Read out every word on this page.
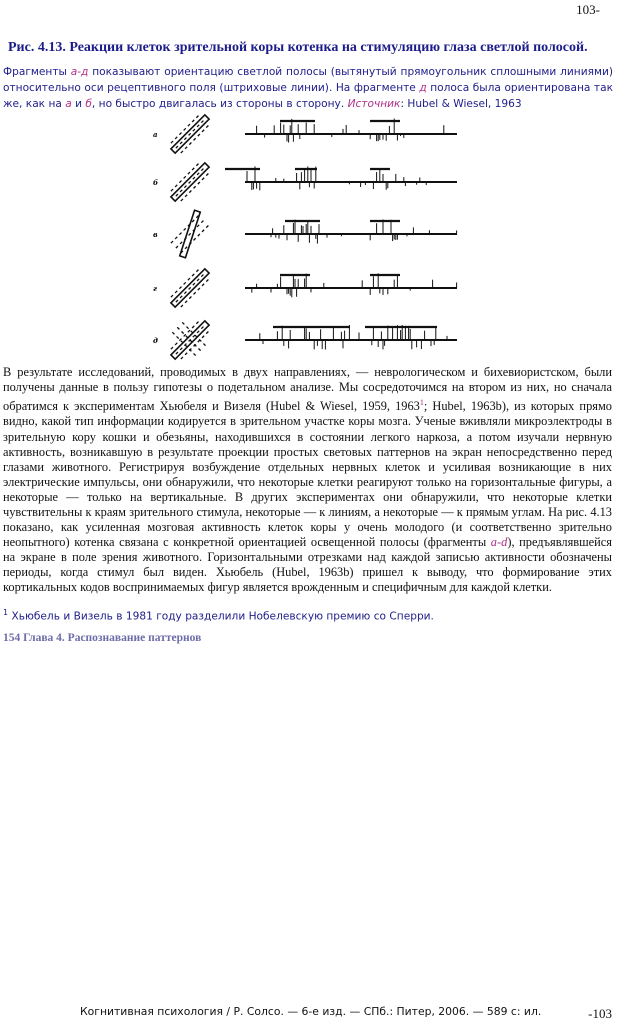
103-
Рис. 4.13. Реакции клеток зрительной коры котенка на стимуляцию глаза светлой полосой.
Фрагменты а-д показывают ориентацию светлой полосы (вытянутый прямоугольник сплошными линиями) относительно оси рецептивного поля (штриховые линии). На фрагменте д полоса была ориентирована так же, как на а и б, но быстро двигалась из стороны в сторону. Источник: Hubel & Wiesel, 1963
а
б
в
г
д
В результате исследований, проводимых в двух направлениях, — неврологическом и бихевиористском, были получены данные в пользу гипотезы о подетальном анализе. Мы сосредоточимся на втором из них, но сначала обратимся к экспериментам Хьюбеля и Визеля (Hubel & Wiesel, 1959, 1963$^1$; Hubel, 1963b), из которых прямо видно, какой тип информации кодируется в зрительном участке коры мозга. Ученые вживляли микроэлектроды в зрительную кору кошки и обезьяны, находившихся в состоянии легкого наркоза, а потом изучали нервную активность, возникавшую в результате проекции простых световых паттернов на экран непосредственно перед глазами животного. Регистрируя возбуждение отдельных нервных клеток и усиливая возникающие в них электрические импульсы, они обнаружили, что некоторые клетки реагируют только на горизонтальные фигуры, а некоторые — только на вертикальные. В других экспериментах они обнаружили, что некоторые клетки чувствительны к краям зрительного стимула, некоторые — к линиям, а некоторые — к прямым углам. На рис. 4.13 показано, как усиленная мозговая активность клеток коры у очень молодого (и соответственно зрительно неопытного) котенка связана с конкретной ориентацией освещенной полосы (фрагменты а-d), предъявлявшейся на экране в поле зрения животного. Горизонтальными отрезками над каждой записью активности обозначены периоды, когда стимул был виден. Хьюбель (Hubel, 1963b) пришел к выводу, что формирование этих кортикальных кодов воспринимаемых фигур является врожденным и специфичным для каждой клетки.
$^1$ Хьюбель и Визель в 1981 году разделили Нобелевскую премию со Сперри.
154 Глава 4. Распознавание паттернов
Когнитивная психология / Р. Солсо. — 6-е изд. — СПб.: Питер, 2006. — 589 с: ил.	-103
